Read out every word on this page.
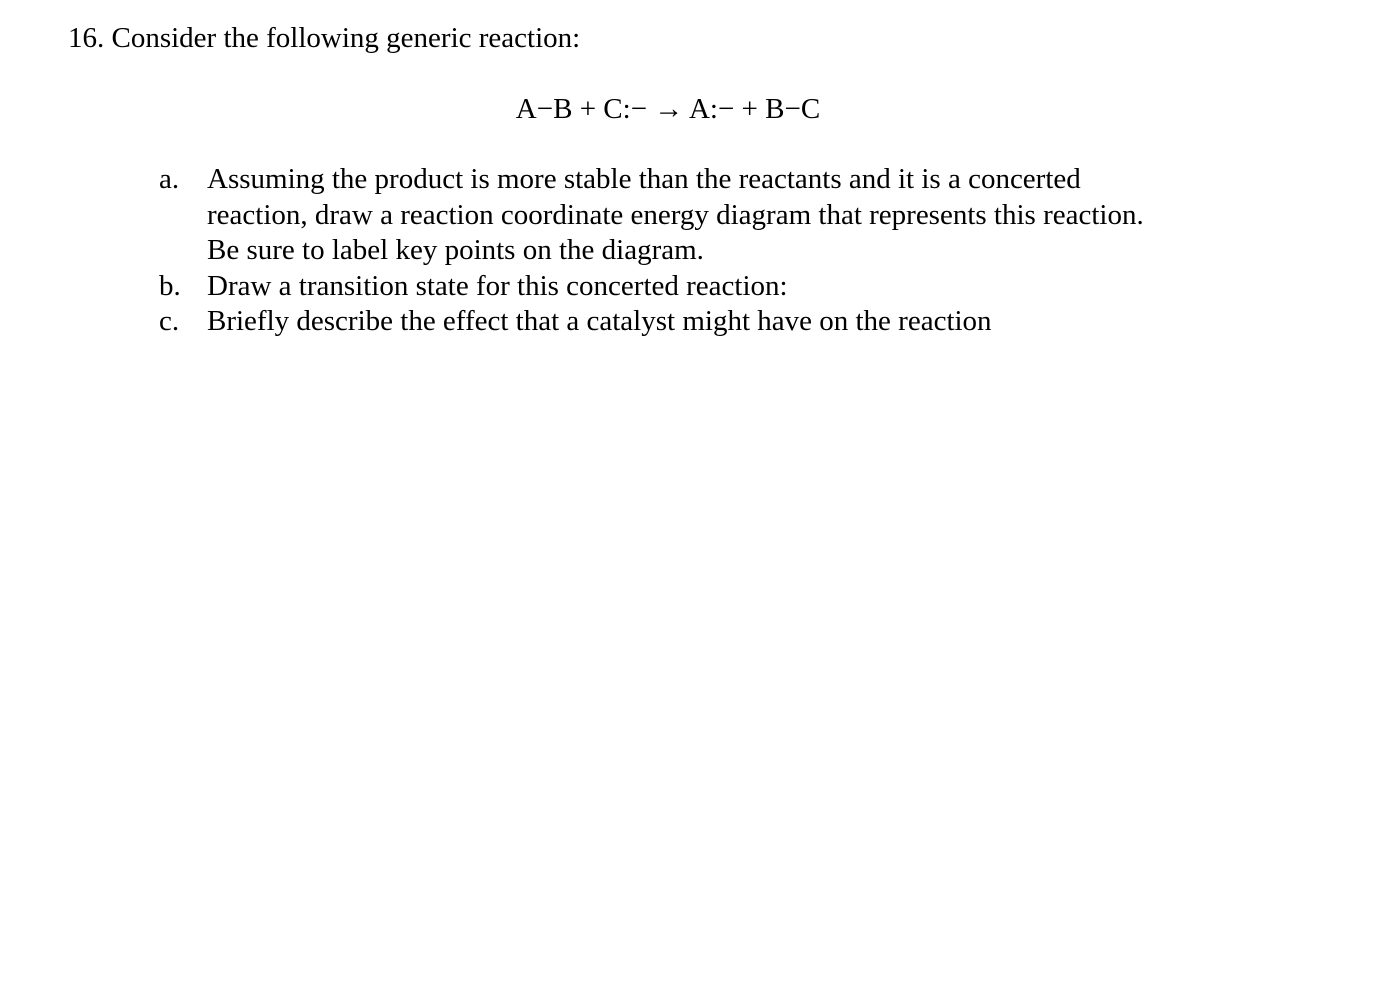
16. Consider the following generic reaction:
A−B + C:− → A:− + B−C
a. Assuming the product is more stable than the reactants and it is a concerted
reaction, draw a reaction coordinate energy diagram that represents this reaction.
Be sure to label key points on the diagram.
b. Draw a transition state for this concerted reaction:
c. Briefly describe the effect that a catalyst might have on the reaction
